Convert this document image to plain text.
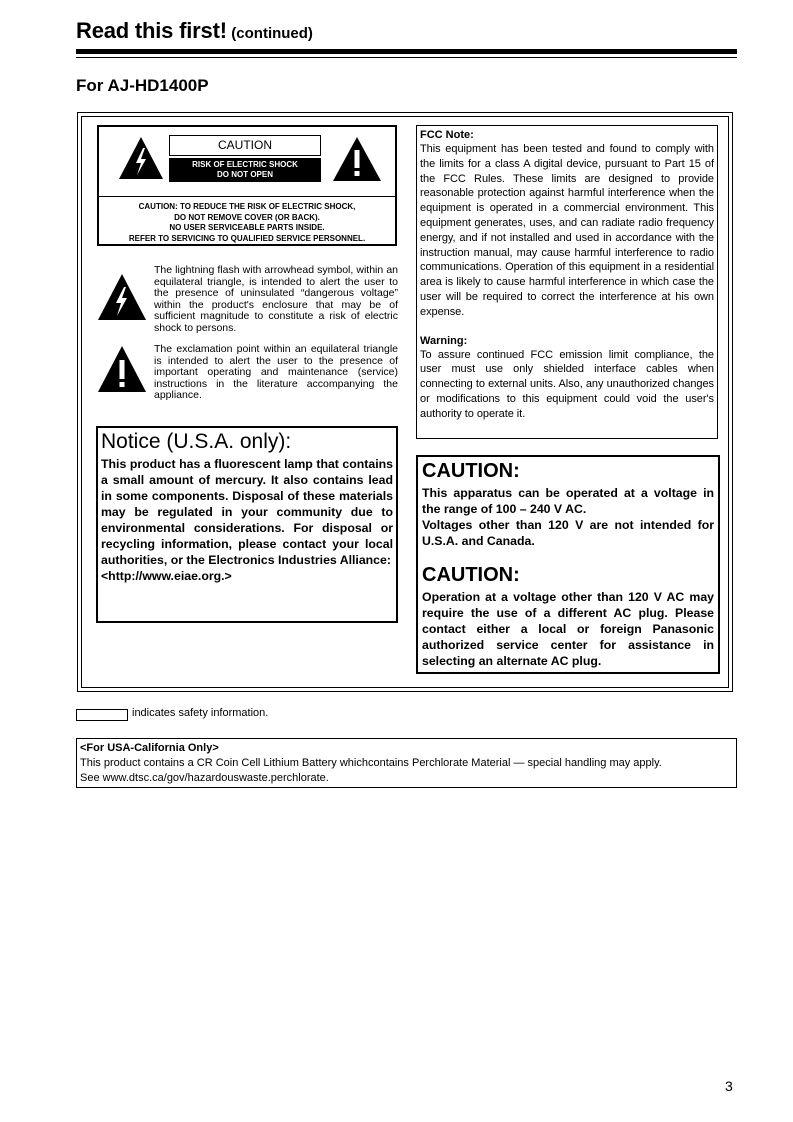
Read this first! (continued)
For AJ-HD1400P
CAUTION
RISK OF ELECTRIC SHOCK
DO NOT OPEN
CAUTION: TO REDUCE THE RISK OF ELECTRIC SHOCK,
DO NOT REMOVE COVER (OR BACK).
NO USER SERVICEABLE PARTS INSIDE.
REFER TO SERVICING TO QUALIFIED SERVICE PERSONNEL.
The lightning flash with arrowhead symbol, within an equilateral triangle, is intended to alert the user to the presence of uninsulated “dangerous voltage” within the product's enclosure that may be of sufficient magnitude to constitute a risk of electric shock to persons.
The exclamation point within an equilateral triangle is intended to alert the user to the presence of important operating and maintenance (service) instructions in the literature accompanying the appliance.
Notice (U.S.A. only):
This product has a fluorescent lamp that contains a small amount of mercury. It also contains lead in some components. Disposal of these materials may be regulated in your community due to environmental considerations. For disposal or recycling information, please contact your local authorities, or the Electronics Industries Alliance:
<http://www.eiae.org.>
FCC Note:
This equipment has been tested and found to comply with the limits for a class A digital device, pursuant to Part 15 of the FCC Rules. These limits are designed to provide reasonable protection against harmful interference when the equipment is operated in a commercial environment. This equipment generates, uses, and can radiate radio frequency energy, and if not installed and used in accordance with the instruction manual, may cause harmful interference to radio communications. Operation of this equipment in a residential area is likely to cause harmful interference in which case the user will be required to correct the interference at his own expense.
Warning:
To assure continued FCC emission limit compliance, the user must use only shielded interface cables when connecting to external units. Also, any unauthorized changes or modifications to this equipment could void the user's authority to operate it.
CAUTION:
This apparatus can be operated at a voltage in the range of 100 – 240 V AC.
Voltages other than 120 V are not intended for U.S.A. and Canada.
CAUTION:
Operation at a voltage other than 120 V AC may require the use of a different AC plug. Please contact either a local or foreign Panasonic authorized service center for assistance in selecting an alternate AC plug.
indicates safety information.
<For USA-California Only>
This product contains a CR Coin Cell Lithium Battery whichcontains Perchlorate Material — special handling may apply.
See www.dtsc.ca/gov/hazardouswaste.perchlorate.
3
